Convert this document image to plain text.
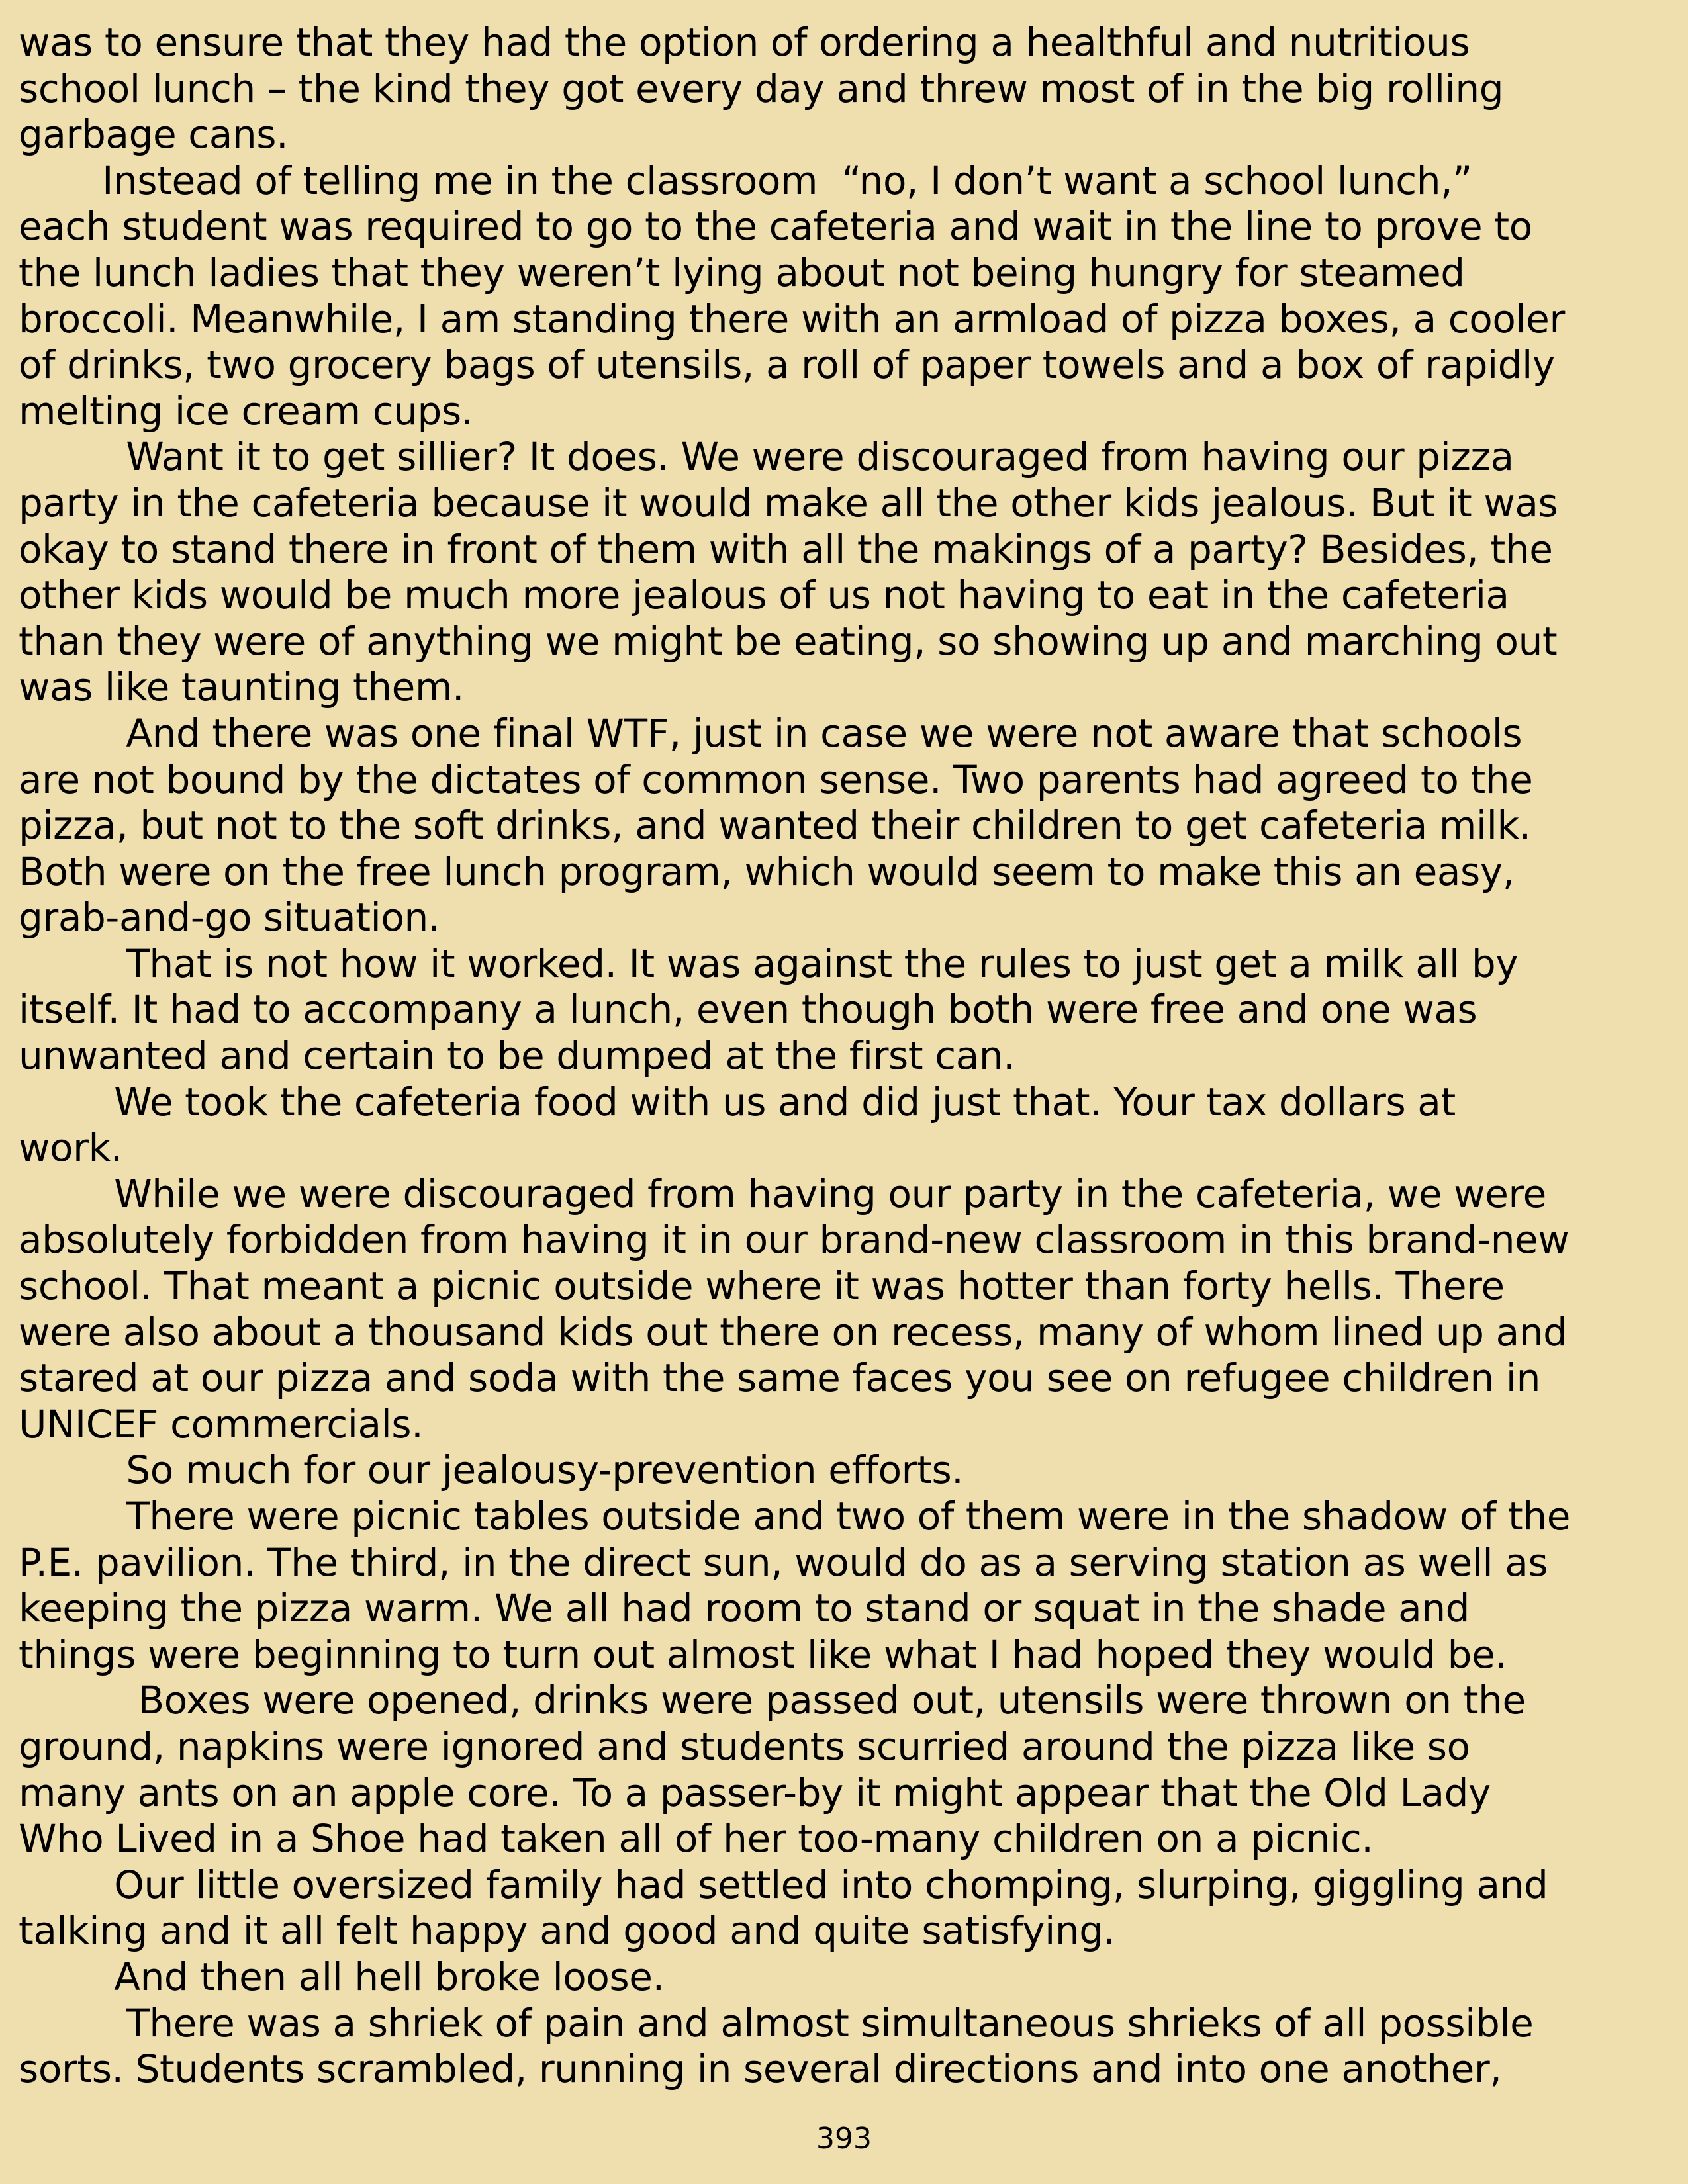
was to ensure that they had the option of ordering a healthful and nutritious
school lunch – the kind they got every day and threw most of in the big rolling
garbage cans.
Instead of telling me in the classroom  “no, I don’t want a school lunch,”
each student was required to go to the cafeteria and wait in the line to prove to
the lunch ladies that they weren’t lying about not being hungry for steamed
broccoli. Meanwhile, I am standing there with an armload of pizza boxes, a cooler
of drinks, two grocery bags of utensils, a roll of paper towels and a box of rapidly
melting ice cream cups.
Want it to get sillier? It does. We were discouraged from having our pizza
party in the cafeteria because it would make all the other kids jealous. But it was
okay to stand there in front of them with all the makings of a party? Besides, the
other kids would be much more jealous of us not having to eat in the cafeteria
than they were of anything we might be eating, so showing up and marching out
was like taunting them.
And there was one final WTF, just in case we were not aware that schools
are not bound by the dictates of common sense. Two parents had agreed to the
pizza, but not to the soft drinks, and wanted their children to get cafeteria milk.
Both were on the free lunch program, which would seem to make this an easy,
grab-and-go situation.
That is not how it worked. It was against the rules to just get a milk all by
itself. It had to accompany a lunch, even though both were free and one was
unwanted and certain to be dumped at the first can.
We took the cafeteria food with us and did just that. Your tax dollars at
work.
While we were discouraged from having our party in the cafeteria, we were
absolutely forbidden from having it in our brand-new classroom in this brand-new
school. That meant a picnic outside where it was hotter than forty hells. There
were also about a thousand kids out there on recess, many of whom lined up and
stared at our pizza and soda with the same faces you see on refugee children in
UNICEF commercials.
So much for our jealousy-prevention efforts.
There were picnic tables outside and two of them were in the shadow of the
P.E. pavilion. The third, in the direct sun, would do as a serving station as well as
keeping the pizza warm. We all had room to stand or squat in the shade and
things were beginning to turn out almost like what I had hoped they would be.
Boxes were opened, drinks were passed out, utensils were thrown on the
ground, napkins were ignored and students scurried around the pizza like so
many ants on an apple core. To a passer-by it might appear that the Old Lady
Who Lived in a Shoe had taken all of her too-many children on a picnic.
Our little oversized family had settled into chomping, slurping, giggling and
talking and it all felt happy and good and quite satisfying.
And then all hell broke loose.
There was a shriek of pain and almost simultaneous shrieks of all possible
sorts. Students scrambled, running in several directions and into one another,
393
